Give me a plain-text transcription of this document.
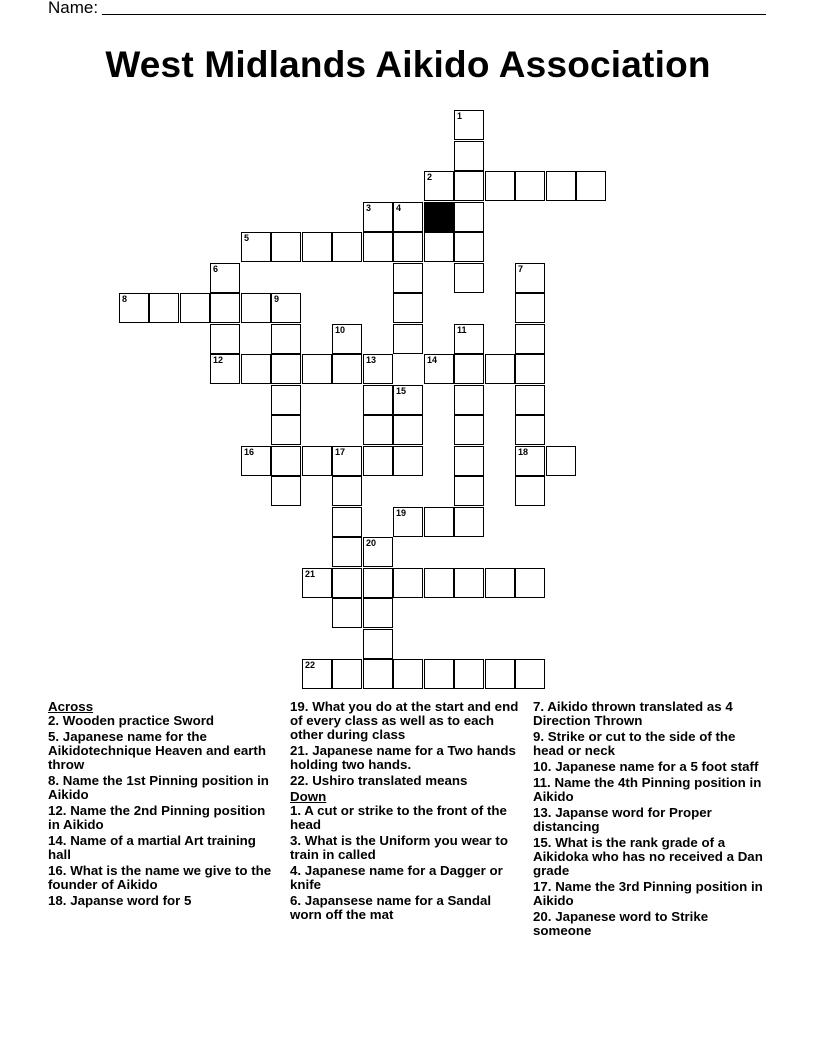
Name:
West Midlands Aikido Association
1
2
3	4
5
6	7
8	9
10	11
12	13	14
15
16	17	18
19
20
21
22
Across
2. Wooden practice Sword
5. Japanese name for the Aikidotechnique Heaven and earth throw
8. Name the 1st Pinning position in Aikido
12. Name the 2nd Pinning position in Aikido
14. Name of a martial Art training hall
16. What is the name we give to the founder of Aikido
18. Japanse word for 5
19. What you do at the start and end of every class as well as to each other during class
21. Japanese name for a Two hands holding two hands.
22. Ushiro translated means
Down
1. A cut or strike to the front of the head
3. What is the Uniform you wear to train in called
4. Japanese name for a Dagger or knife
6. Japansese name for a Sandal worn off the mat
7. Aikido thrown translated as 4 Direction Thrown
9. Strike or cut to the side of the head or neck
10. Japanese name for a 5 foot staff
11. Name the 4th Pinning position in Aikido
13. Japanse word for Proper distancing
15. What is the rank grade of a Aikidoka who has no received a Dan grade
17. Name the 3rd Pinning position in Aikido
20. Japanese word to Strike someone
